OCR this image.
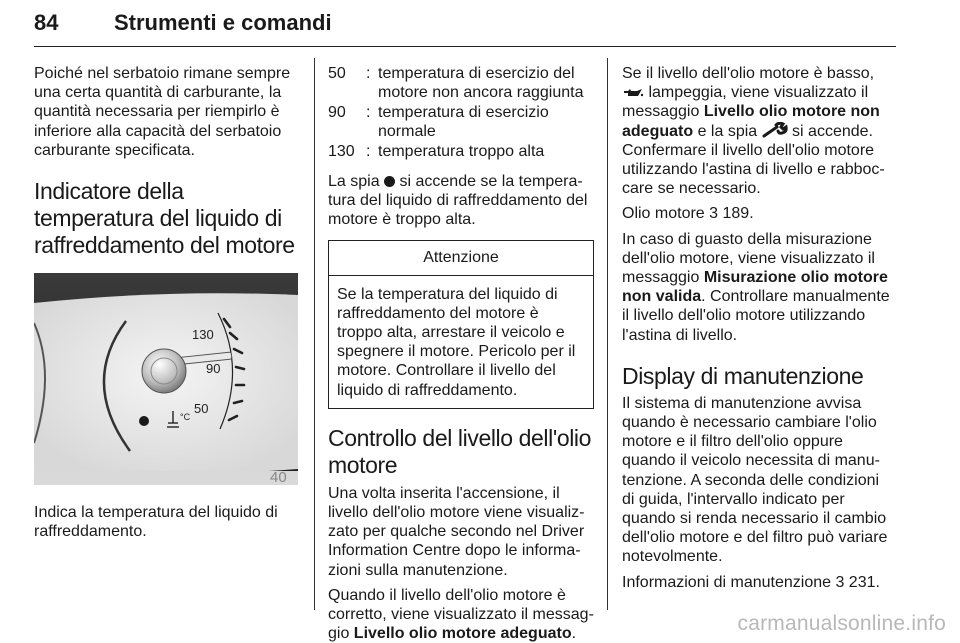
84	Strumenti e comandi

Poiché nel serbatoio rimane sempre una certa quantità di carburante, la quantità necessaria per riempirlo è inferiore alla capacità del serbatoio carburante specificata.

Indicatore della temperatura del liquido di raffreddamento del motore
130
90
50
°C
40

Indica la temperatura del liquido di raffreddamento.

50	:	temperatura di esercizio del motore non ancora raggiunta
90	:	temperatura di esercizio normale
130	:	temperatura troppo alta

La spia  si accende se la temperatura del liquido di raffreddamento del motore è troppo alta.

Attenzione
Se la temperatura del liquido di raffreddamento del motore è troppo alta, arrestare il veicolo e spegnere il motore. Pericolo per il motore. Controllare il livello del liquido di raffreddamento.
Controllo del livello dell'olio motore

Una volta inserita l'accensione, il livello dell'olio motore viene visualizzato per qualche secondo nel Driver Information Centre dopo le informazioni sulla manutenzione.

Quando il livello dell'olio motore è corretto, viene visualizzato il messaggio Livello olio motore adeguato.

Se il livello dell'olio motore è basso,  lampeggia, viene visualizzato il messaggio Livello olio motore non adeguato e la spia  si accende. Confermare il livello dell'olio motore utilizzando l'astina di livello e rabboccare se necessario.

Olio motore 3 189.

In caso di guasto della misurazione dell'olio motore, viene visualizzato il messaggio Misurazione olio motore non valida. Controllare manualmente il livello dell'olio motore utilizzando l'astina di livello.

Display di manutenzione

Il sistema di manutenzione avvisa quando è necessario cambiare l'olio motore e il filtro dell'olio oppure quando il veicolo necessita di manutenzione. A seconda delle condizioni di guida, l'intervallo indicato per quando si renda necessario il cambio dell'olio motore e del filtro può variare notevolmente.

Informazioni di manutenzione 3 231.

carmanualsonline.info
